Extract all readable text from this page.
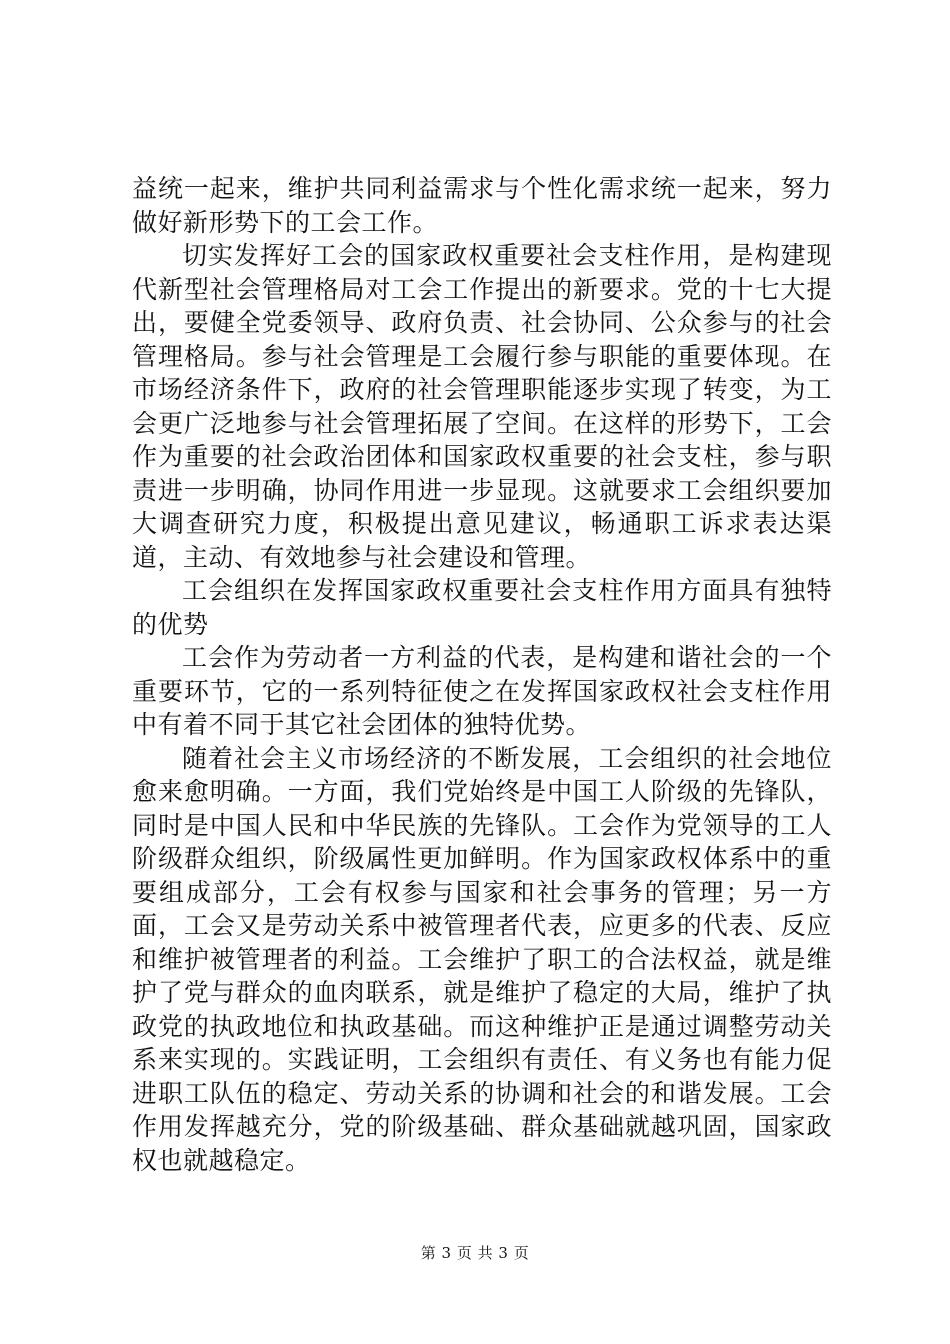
益统一起来，维护共同利益需求与个性化需求统一起来，努力做好新形势下的工会工作。

切实发挥好工会的国家政权重要社会支柱作用，是构建现代新型社会管理格局对工会工作提出的新要求。党的十七大提出，要健全党委领导、政府负责、社会协同、公众参与的社会管理格局。参与社会管理是工会履行参与职能的重要体现。在市场经济条件下，政府的社会管理职能逐步实现了转变，为工会更广泛地参与社会管理拓展了空间。在这样的形势下，工会作为重要的社会政治团体和国家政权重要的社会支柱，参与职责进一步明确，协同作用进一步显现。这就要求工会组织要加大调查研究力度，积极提出意见建议，畅通职工诉求表达渠道，主动、有效地参与社会建设和管理。

工会组织在发挥国家政权重要社会支柱作用方面具有独特的优势

工会作为劳动者一方利益的代表，是构建和谐社会的一个重要环节，它的一系列特征使之在发挥国家政权社会支柱作用中有着不同于其它社会团体的独特优势。

随着社会主义市场经济的不断发展，工会组织的社会地位愈来愈明确。一方面，我们党始终是中国工人阶级的先锋队，同时是中国人民和中华民族的先锋队。工会作为党领导的工人阶级群众组织，阶级属性更加鲜明。作为国家政权体系中的重要组成部分，工会有权参与国家和社会事务的管理；另一方面，工会又是劳动关系中被管理者代表，应更多的代表、反应和维护被管理者的利益。工会维护了职工的合法权益，就是维护了党与群众的血肉联系，就是维护了稳定的大局，维护了执政党的执政地位和执政基础。而这种维护正是通过调整劳动关系来实现的。实践证明，工会组织有责任、有义务也有能力促进职工队伍的稳定、劳动关系的协调和社会的和谐发展。工会作用发挥越充分，党的阶级基础、群众基础就越巩固，国家政权也就越稳定。

第 3 页 共 3 页
